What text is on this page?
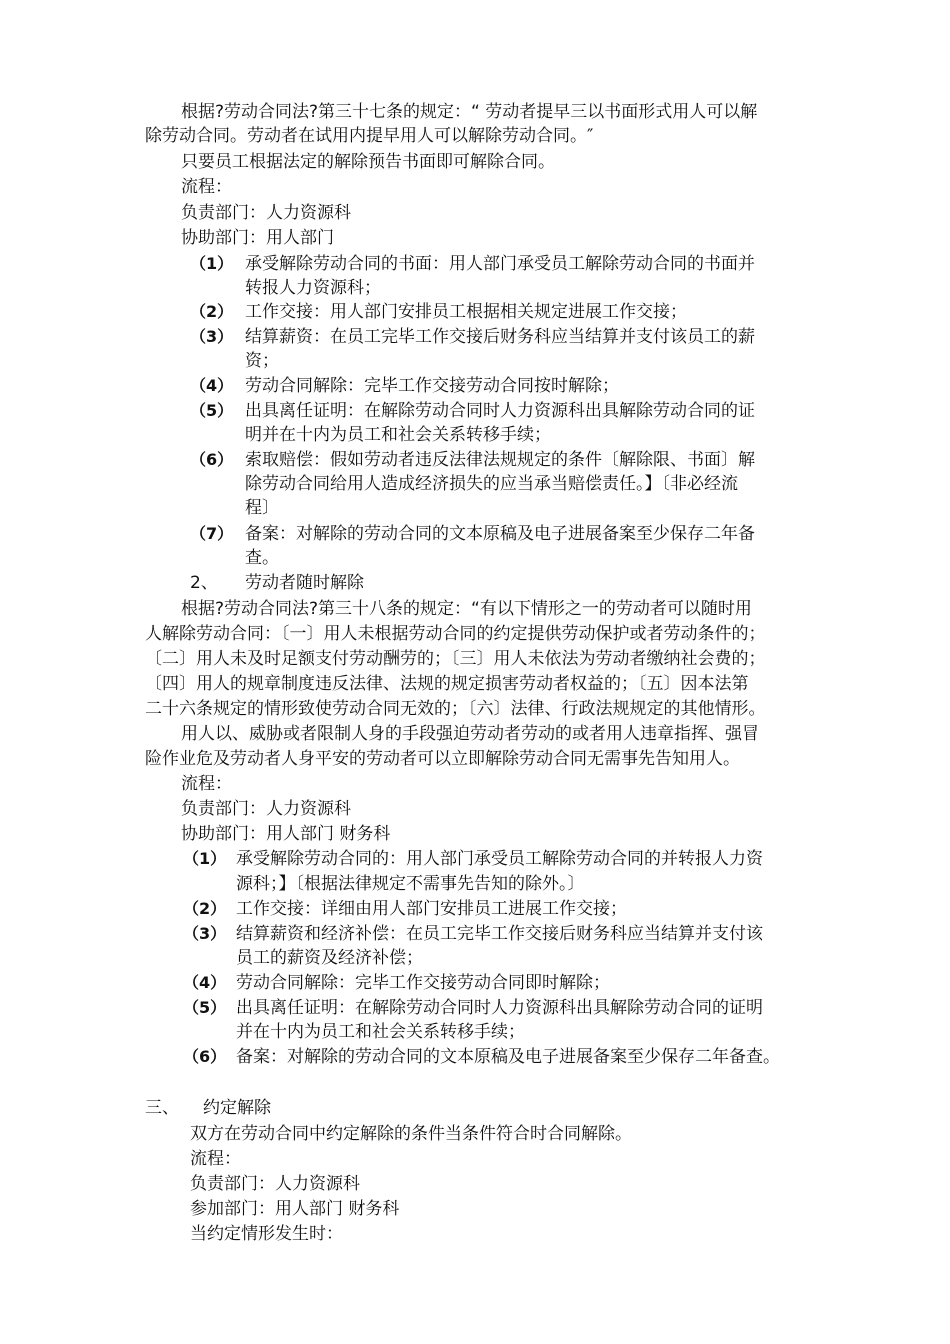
根据?劳动合同法?第三十七条的规定：“ 劳动者提早三以书面形式用人可以解
除劳动合同。劳动者在试用内提早用人可以解除劳动合同。″
只要员工根据法定的解除预告书面即可解除合同。
流程：
负责部门：人力资源科
协助部门：用人部门
（1） 承受解除劳动合同的书面：用人部门承受员工解除劳动合同的书面并
转报人力资源科；
（2） 工作交接：用人部门安排员工根据相关规定进展工作交接；
（3） 结算薪资：在员工完毕工作交接后财务科应当结算并支付该员工的薪
资；
（4） 劳动合同解除：完毕工作交接劳动合同按时解除；
（5） 出具离任证明：在解除劳动合同时人力资源科出具解除劳动合同的证
明并在十内为员工和社会关系转移手续；
（6） 索取赔偿：假如劳动者违反法律法规规定的条件〔解除限、书面〕解
除劳动合同给用人造成经济损失的应当承当赔偿责任。】〔非必经流
程〕
（7） 备案：对解除的劳动合同的文本原稿及电子进展备案至少保存二年备
查。
2、 劳动者随时解除
根据?劳动合同法?第三十八条的规定：“有以下情形之一的劳动者可以随时用
人解除劳动合同：〔一〕用人未根据劳动合同的约定提供劳动保护或者劳动条件的；
〔二〕用人未及时足额支付劳动酬劳的；〔三〕用人未依法为劳动者缴纳社会费的；
〔四〕用人的规章制度违反法律、法规的规定损害劳动者权益的；〔五〕因本法第
二十六条规定的情形致使劳动合同无效的；〔六〕法律、行政法规规定的其他情形。
用人以、威胁或者限制人身的手段强迫劳动者劳动的或者用人违章指挥、强冒
险作业危及劳动者人身平安的劳动者可以立即解除劳动合同无需事先告知用人。
流程：
负责部门：人力资源科
协助部门：用人部门 财务科
（1） 承受解除劳动合同的：用人部门承受员工解除劳动合同的并转报人力资
源科；】〔根据法律规定不需事先告知的除外。〕
（2） 工作交接：详细由用人部门安排员工进展工作交接；
（3） 结算薪资和经济补偿：在员工完毕工作交接后财务科应当结算并支付该
员工的薪资及经济补偿；
（4） 劳动合同解除：完毕工作交接劳动合同即时解除；
（5） 出具离任证明：在解除劳动合同时人力资源科出具解除劳动合同的证明
并在十内为员工和社会关系转移手续；
（6） 备案：对解除的劳动合同的文本原稿及电子进展备案至少保存二年备查。
三、 约定解除
双方在劳动合同中约定解除的条件当条件符合时合同解除。
流程：
负责部门：人力资源科
参加部门：用人部门 财务科
当约定情形发生时：
